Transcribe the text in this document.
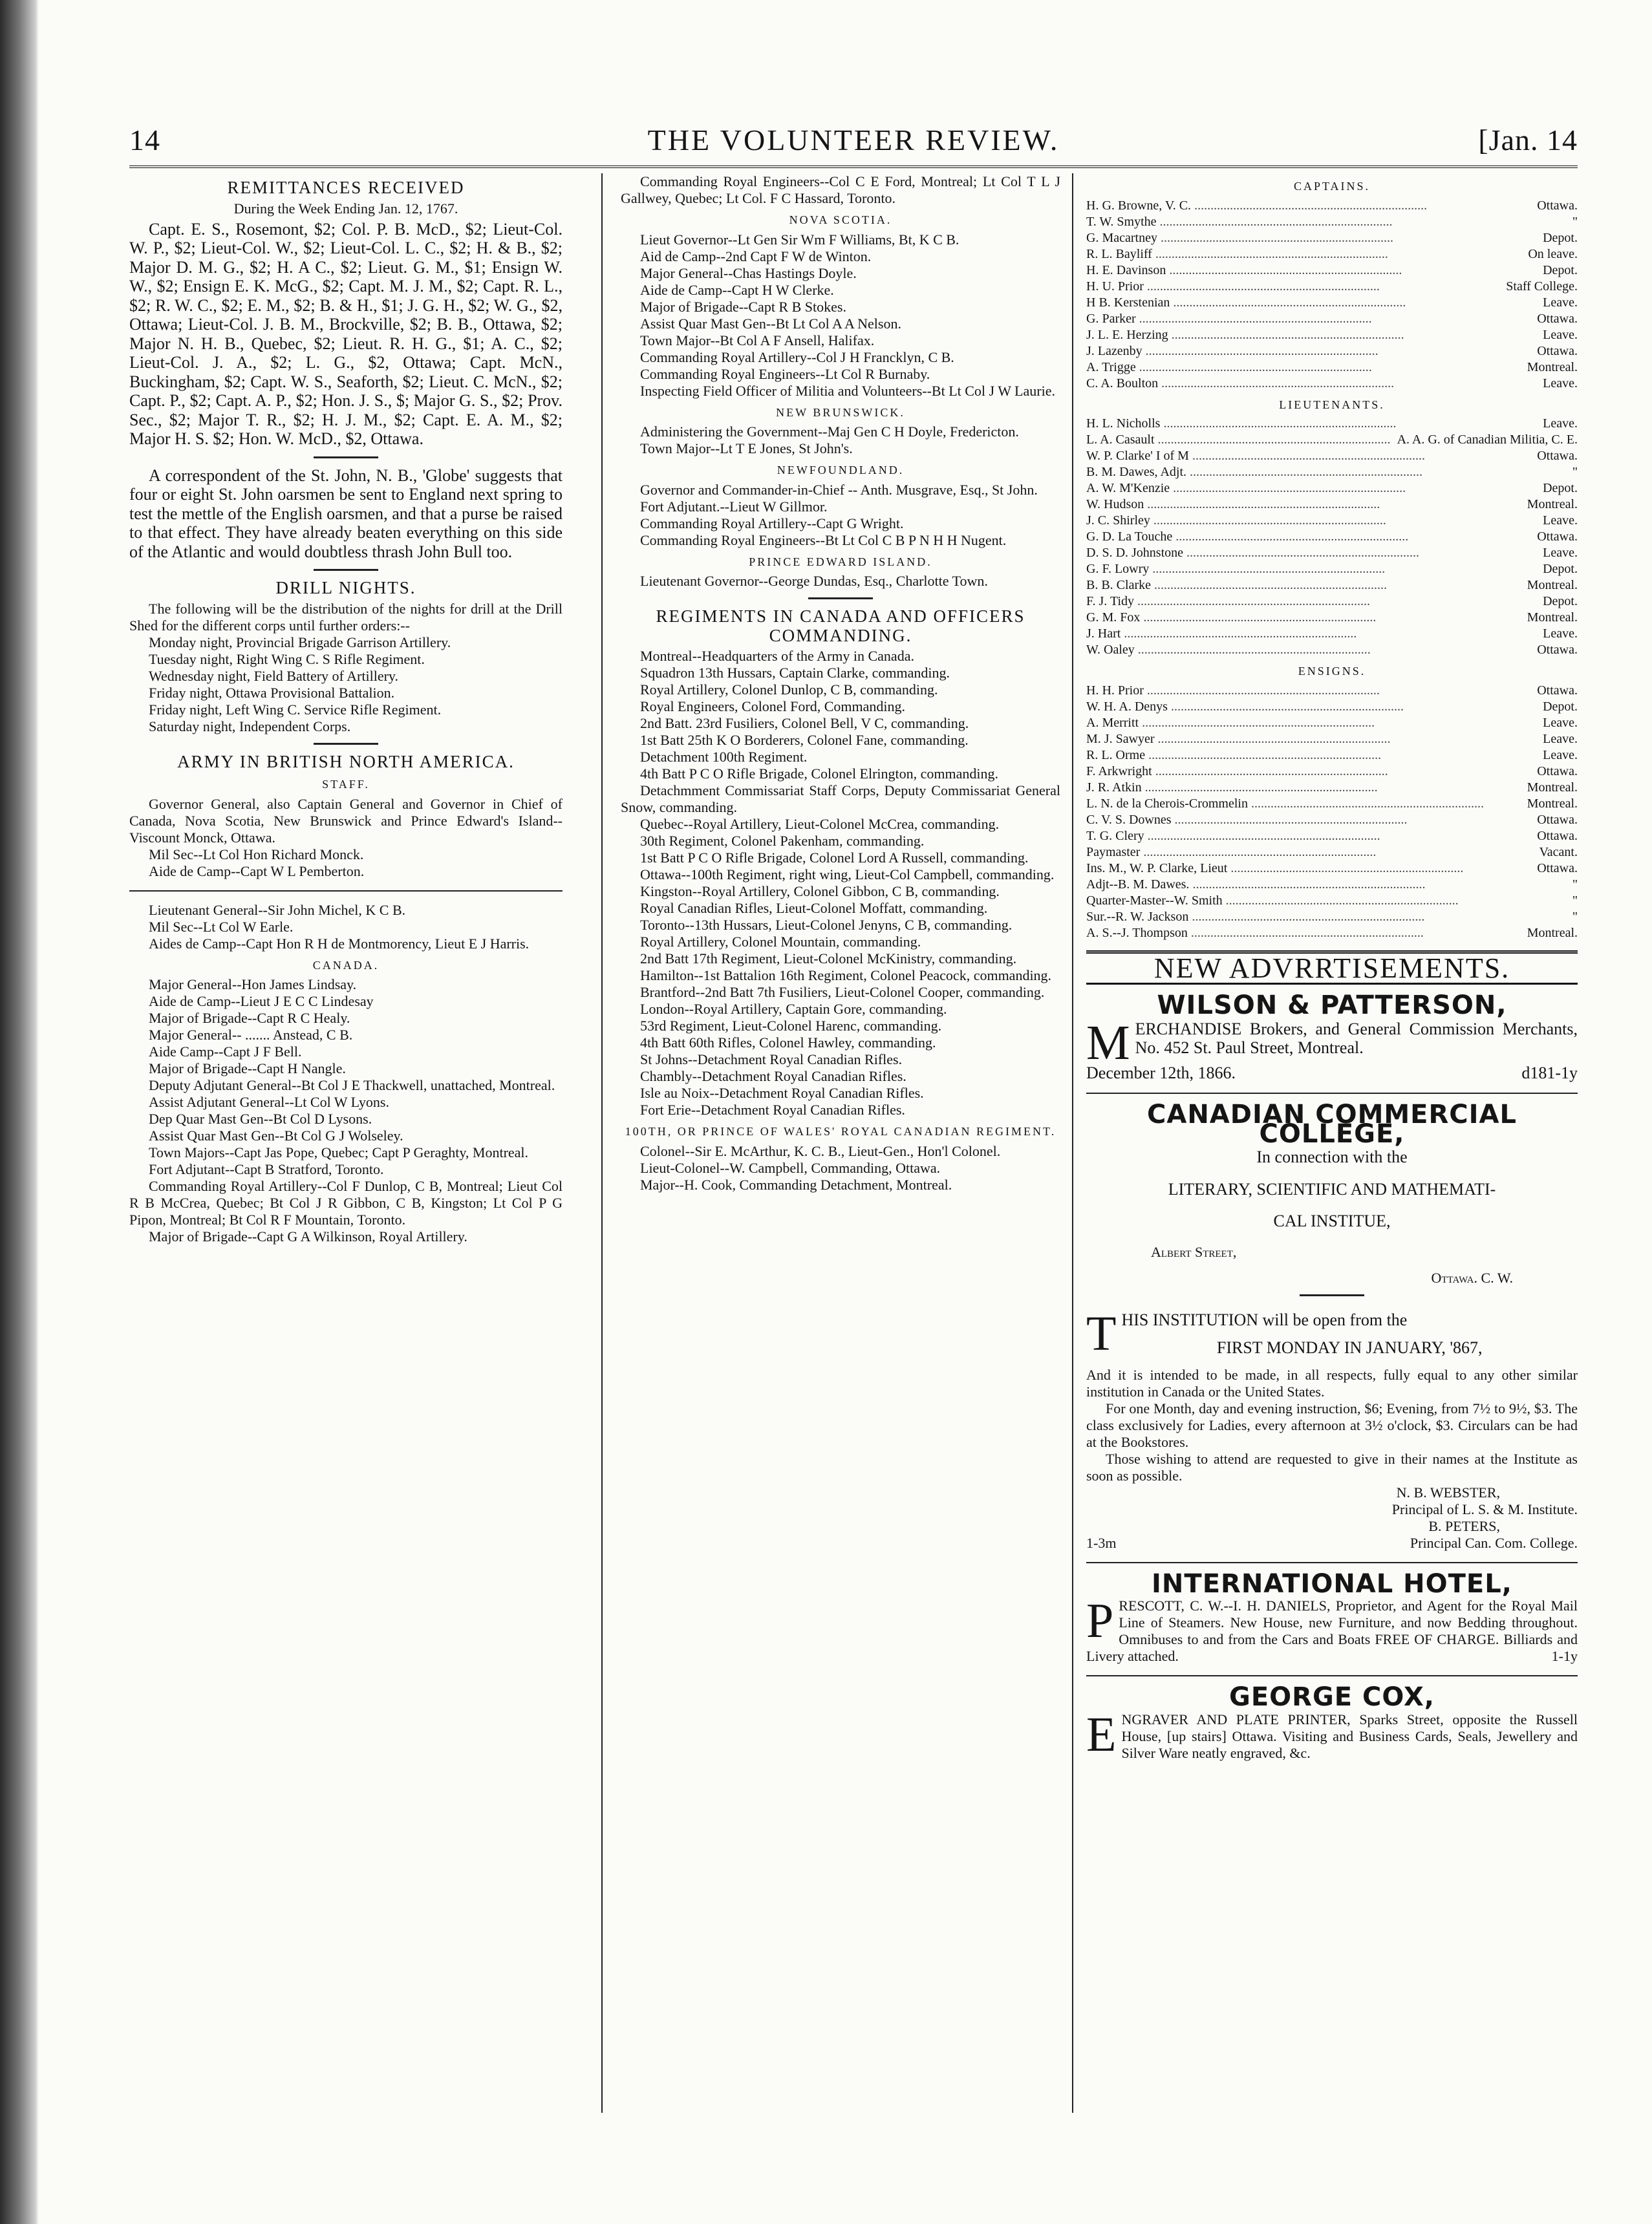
14	THE VOLUNTEER REVIEW.	[Jan. 14
REMITTANCES RECEIVED
During the Week Ending Jan. 12, 1767.

Capt. E. S., Rosemont, $2; Col. P. B. McD., $2; Lieut-Col. W. P., $2; Lieut-Col. W., $2; Lieut-Col. L. C., $2; H. & B., $2; Major D. M. G., $2; H. A C., $2; Lieut. G. M., $1; Ensign W. W., $2; Ensign E. K. McG., $2; Capt. M. J. M., $2; Capt. R. L., $2; R. W. C., $2; E. M., $2; B. & H., $1; J. G. H., $2; W. G., $2, Ottawa; Lieut-Col. J. B. M., Brockville, $2; B. B., Ottawa, $2; Major N. H. B., Quebec, $2; Lieut. R. H. G., $1; A. C., $2; Lieut-Col. J. A., $2; L. G., $2, Ottawa; Capt. McN., Buckingham, $2; Capt. W. S., Seaforth, $2; Lieut. C. McN., $2; Capt. P., $2; Capt. A. P., $2; Hon. J. S., $; Major G. S., $2; Prov. Sec., $2; Major T. R., $2; H. J. M., $2; Capt. E. A. M., $2; Major H. S. $2; Hon. W. McD., $2, Ottawa.

A correspondent of the St. John, N. B., 'Globe' suggests that four or eight St. John oarsmen be sent to England next spring to test the mettle of the English oarsmen, and that a purse be raised to that effect. They have already beaten everything on this side of the Atlantic and would doubtless thrash John Bull too.

DRILL NIGHTS.

The following will be the distribution of the nights for drill at the Drill Shed for the different corps until further orders:--

Monday night, Provincial Brigade Garrison Artillery.

Tuesday night, Right Wing C. S Rifle Regiment.

Wednesday night, Field Battery of Artillery.

Friday night, Ottawa Provisional Battalion.

Friday night, Left Wing C. Service Rifle Regiment.

Saturday night, Independent Corps.

ARMY IN BRITISH NORTH AMERICA.
STAFF.

Governor General, also Captain General and Governor in Chief of Canada, Nova Scotia, New Brunswick and Prince Edward's Island--Viscount Monck, Ottawa.

Mil Sec--Lt Col Hon Richard Monck.

Aide de Camp--Capt W L Pemberton.

Lieutenant General--Sir John Michel, K C B.

Mil Sec--Lt Col W Earle.

Aides de Camp--Capt Hon R H de Montmorency, Lieut E J Harris.

CANADA.

Major General--Hon James Lindsay.

Aide de Camp--Lieut J E C C Lindesay

Major of Brigade--Capt R C Healy.

Major General-- ....... Anstead, C B.

Aide Camp--Capt J F Bell.

Major of Brigade--Capt H Nangle.

Deputy Adjutant General--Bt Col J E Thackwell, unattached, Montreal.

Assist Adjutant General--Lt Col W Lyons.

Dep Quar Mast Gen--Bt Col D Lysons.

Assist Quar Mast Gen--Bt Col G J Wolseley.

Town Majors--Capt Jas Pope, Quebec; Capt P Geraghty, Montreal.

Fort Adjutant--Capt B Stratford, Toronto.

Commanding Royal Artillery--Col F Dunlop, C B, Montreal; Lieut Col R B McCrea, Quebec; Bt Col J R Gibbon, C B, Kingston; Lt Col P G Pipon, Montreal; Bt Col R F Mountain, Toronto.

Major of Brigade--Capt G A Wilkinson, Royal Artillery.

Commanding Royal Engineers--Col C E Ford, Montreal; Lt Col T L J Gallwey, Quebec; Lt Col. F C Hassard, Toronto.

NOVA SCOTIA.

Lieut Governor--Lt Gen Sir Wm F Williams, Bt, K C B.

Aid de Camp--2nd Capt F W de Winton.

Major General--Chas Hastings Doyle.

Aide de Camp--Capt H W Clerke.

Major of Brigade--Capt R B Stokes.

Assist Quar Mast Gen--Bt Lt Col A A Nelson.

Town Major--Bt Col A F Ansell, Halifax.

Commanding Royal Artillery--Col J H Francklyn, C B.

Commanding Royal Engineers--Lt Col R Burnaby.

Inspecting Field Officer of Militia and Volunteers--Bt Lt Col J W Laurie.

NEW BRUNSWICK.

Administering the Government--Maj Gen C H Doyle, Fredericton.

Town Major--Lt T E Jones, St John's.

NEWFOUNDLAND.

Governor and Commander-in-Chief -- Anth. Musgrave, Esq., St John.

Fort Adjutant.--Lieut W Gillmor.

Commanding Royal Artillery--Capt G Wright.

Commanding Royal Engineers--Bt Lt Col C B P N H H Nugent.

PRINCE EDWARD ISLAND.

Lieutenant Governor--George Dundas, Esq., Charlotte Town.

REGIMENTS IN CANADA AND OFFICERS COMMANDING.

Montreal--Headquarters of the Army in Canada.

Squadron 13th Hussars, Captain Clarke, commanding.

Royal Artillery, Colonel Dunlop, C B, commanding.

Royal Engineers, Colonel Ford, Commanding.

2nd Batt. 23rd Fusiliers, Colonel Bell, V C, commanding.

1st Batt 25th K O Borderers, Colonel Fane, commanding.

Detachment 100th Regiment.

4th Batt P C O Rifle Brigade, Colonel Elrington, commanding.

Detachmment Commissariat Staff Corps, Deputy Commissariat General Snow, commanding.

Quebec--Royal Artillery, Lieut-Colonel McCrea, commanding.

30th Regiment, Colonel Pakenham, commanding.

1st Batt P C O Rifle Brigade, Colonel Lord A Russell, commanding.

Ottawa--100th Regiment, right wing, Lieut-Col Campbell, commanding.

Kingston--Royal Artillery, Colonel Gibbon, C B, commanding.

Royal Canadian Rifles, Lieut-Colonel Moffatt, commanding.

Toronto--13th Hussars, Lieut-Colonel Jenyns, C B, commanding.

Royal Artillery, Colonel Mountain, commanding.

2nd Batt 17th Regiment, Lieut-Colonel McKinistry, commanding.

Hamilton--1st Battalion 16th Regiment, Colonel Peacock, commanding.

Brantford--2nd Batt 7th Fusiliers, Lieut-Colonel Cooper, commanding.

London--Royal Artillery, Captain Gore, commanding.

53rd Regiment, Lieut-Colonel Harenc, commanding.

4th Batt 60th Rifles, Colonel Hawley, commanding.

St Johns--Detachment Royal Canadian Rifles.

Chambly--Detachment Royal Canadian Rifles.

Isle au Noix--Detachment Royal Canadian Rifles.

Fort Erie--Detachment Royal Canadian Rifles.

100TH, OR PRINCE OF WALES' ROYAL CANADIAN REGIMENT.

Colonel--Sir E. McArthur, K. C. B., Lieut-Gen., Hon'l Colonel.

Lieut-Colonel--W. Campbell, Commanding, Ottawa.

Major--H. Cook, Commanding Detachment, Montreal.

CAPTAINS.
H. G. Browne, V. C. .....	Ottawa.
T. W. Smythe .....	"
G. Macartney .....	Depot.
R. L. Bayliff .....	On leave.
H. E. Davinson .....	Depot.
H. U. Prior .....	Staff College.
H B. Kerstenian .....	Leave.
G. Parker .....	Ottawa.
J. L. E. Herzing .....	Leave.
J. Lazenby .....	Ottawa.
A. Trigge .....	Montreal.
C. A. Boulton .....	Leave.
LIEUTENANTS.
H. L. Nicholls .....	Leave.
L. A. Casault .....	A. A. G. of Canadian Militia, C. E.
W. P. Clarke' I of M .....	Ottawa.
B. M. Dawes, Adjt. .....	"
A. W. M'Kenzie .....	Depot.
W. Hudson .....	Montreal.
J. C. Shirley .....	Leave.
G. D. La Touche .....	Ottawa.
D. S. D. Johnstone .....	Leave.
G. F. Lowry .....	Depot.
B. B. Clarke .....	Montreal.
F. J. Tidy .....	Depot.
G. M. Fox .....	Montreal.
J. Hart .....	Leave.
W. Oaley .....	Ottawa.
ENSIGNS.
H. H. Prior .....	Ottawa.
W. H. A. Denys .....	Depot.
A. Merritt .....	Leave.
M. J. Sawyer .....	Leave.
R. L. Orme .....	Leave.
F. Arkwright .....	Ottawa.
J. R. Atkin .....	Montreal.
L. N. de la Cherois-Crommelin .....	Montreal.
C. V. S. Downes .....	Ottawa.
T. G. Clery .....	Ottawa.
Paymaster .....	Vacant.
Ins. M., W. P. Clarke, Lieut .....	Ottawa.
Adjt--B. M. Dawes. .....	"
Quarter-Master--W. Smith .....	"
Sur.--R. W. Jackson .....	"
A. S.--J. Thompson .....	Montreal.
NEW ADVRRTISEMENTS.
WILSON & PATTERSON,

MERCHANDISE Brokers, and General Commission Merchants, No. 452 St. Paul Street, Montreal.

December 12th, 1866.	d181-1y
CANADIAN COMMERCIAL COLLEGE,
In connection with the
LITERARY, SCIENTIFIC AND MATHEMATI-
CAL INSTITUE,
Albert Street,
Ottawa. C. W.

THIS INSTITUTION will be open from the

FIRST MONDAY IN JANUARY, '867,

And it is intended to be made, in all respects, fully equal to any other similar institution in Canada or the United States.

For one Month, day and evening instruction, $6; Evening, from 7½ to 9½, $3. The class exclusively for Ladies, every afternoon at 3½ o'clock, $3. Circulars can be had at the Bookstores.

Those wishing to attend are requested to give in their names at the Institute as soon as possible.

N. B. WEBSTER,

Principal of L. S. & M. Institute.

B. PETERS,

1-3m	Principal Can. Com. College.
INTERNATIONAL HOTEL,

PRESCOTT, C. W.--I. H. DANIELS, Proprietor, and Agent for the Royal Mail Line of Steamers. New House, new Furniture, and now Bedding throughout. Omnibuses to and from the Cars and Boats FREE OF CHARGE. Billiards and Livery attached.	1-1y

GEORGE COX,

ENGRAVER AND PLATE PRINTER, Sparks Street, opposite the Russell House, [up stairs] Ottawa. Visiting and Business Cards, Seals, Jewellery and Silver Ware neatly engraved, &c.
